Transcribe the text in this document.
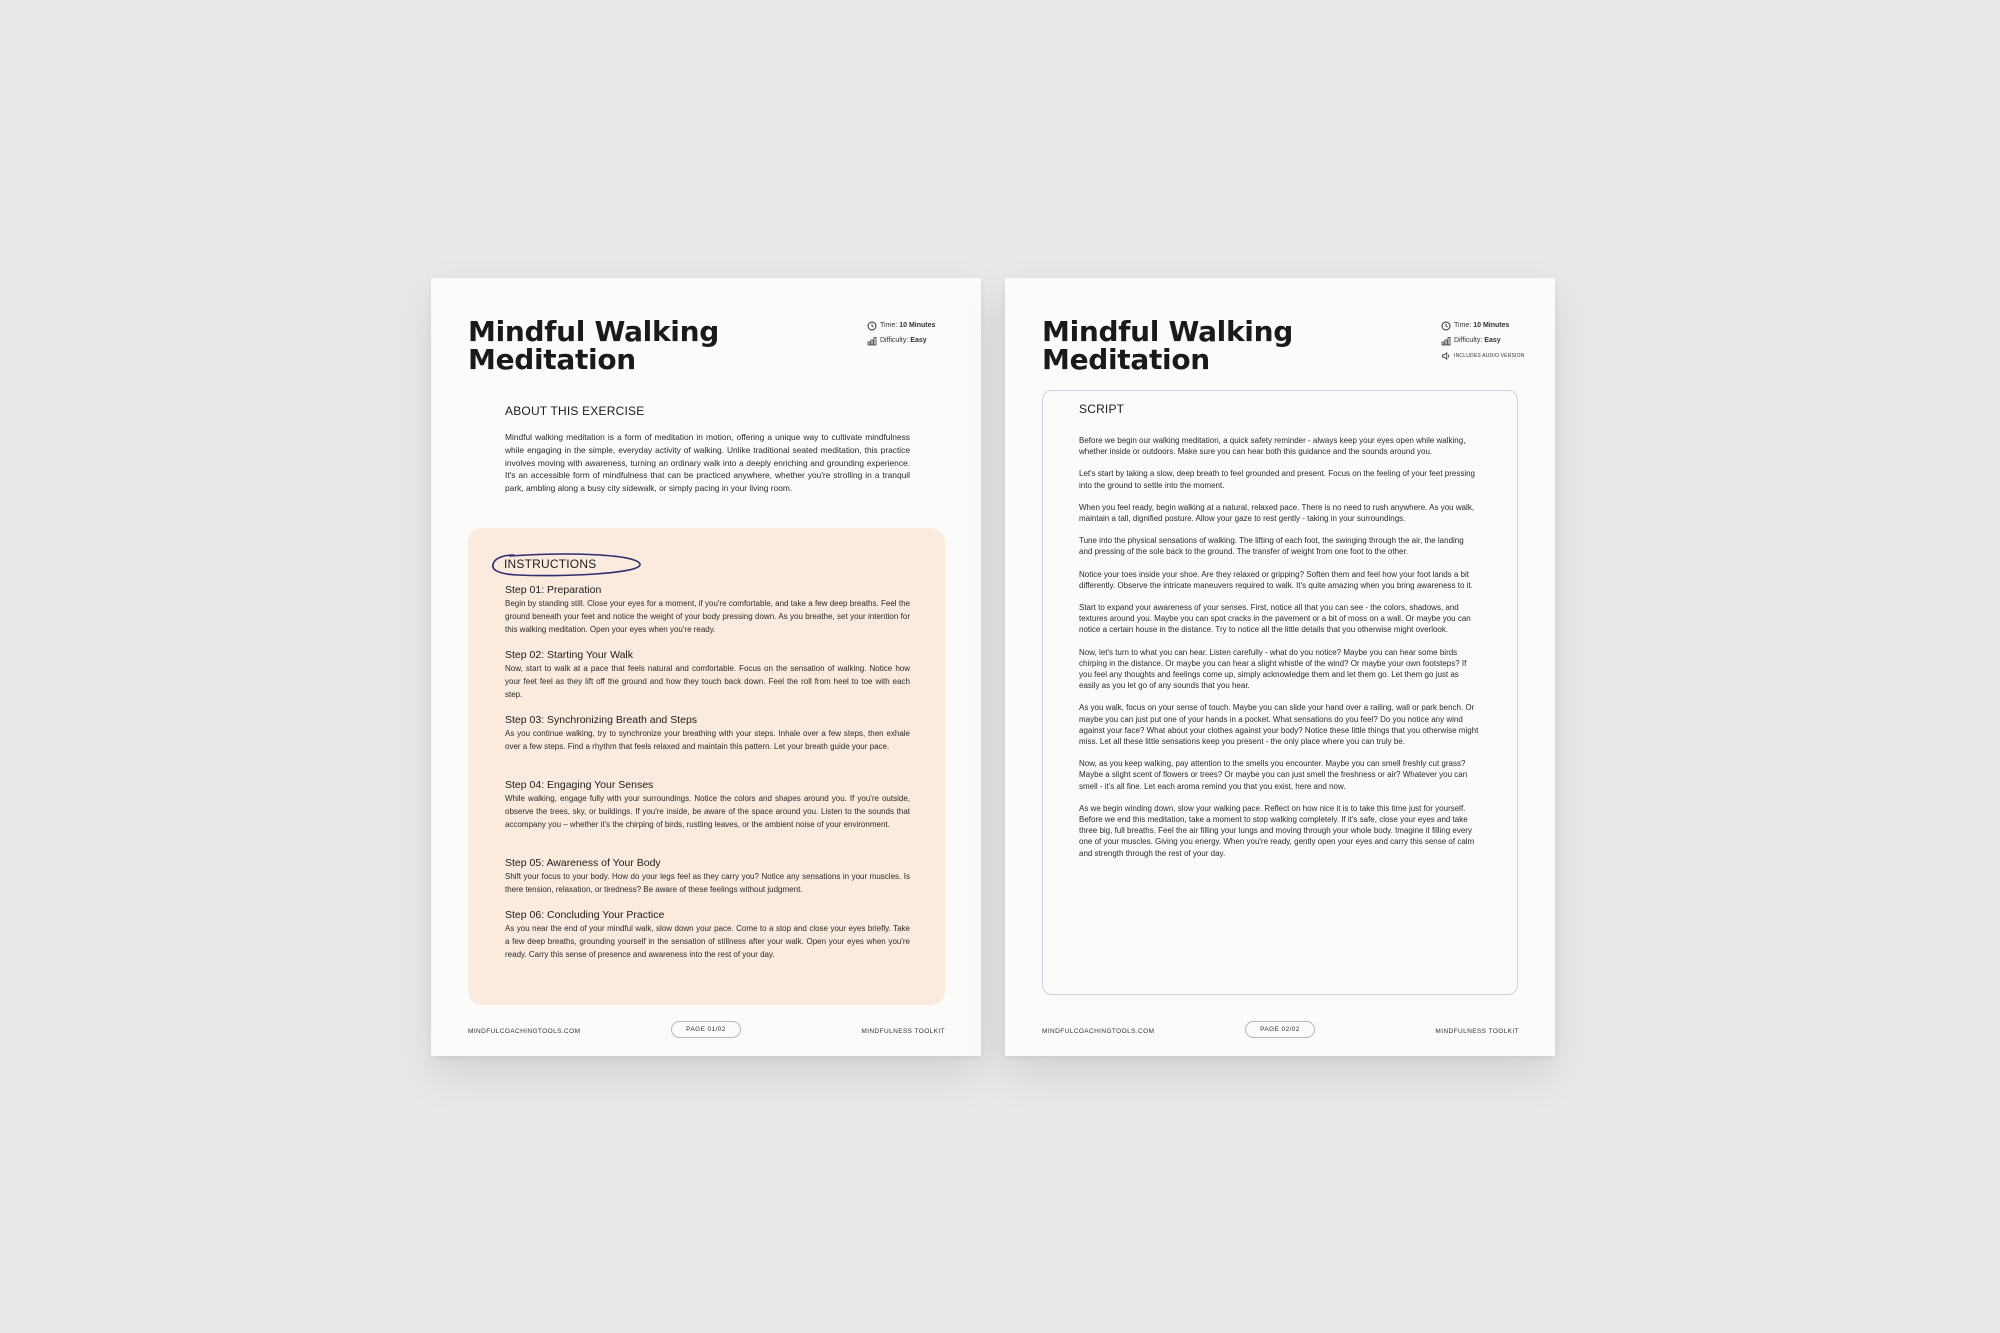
Mindful Walking
Meditation
Time: 10 Minutes
Difficulty: Easy
ABOUT THIS EXERCISE

Mindful walking meditation is a form of meditation in motion, offering a unique way to cultivate mindfulness while engaging in the simple, everyday activity of walking. Unlike traditional seated meditation, this practice involves moving with awareness, turning an ordinary walk into a deeply enriching and grounding experience. It's an accessible form of mindfulness that can be practiced anywhere, whether you're strolling in a tranquil park, ambling along a busy city sidewalk, or simply pacing in your living room.

INSTRUCTIONS
Step 01: Preparation

Begin by standing still. Close your eyes for a moment, if you're comfortable, and take a few deep breaths. Feel the ground beneath your feet and notice the weight of your body pressing down. As you breathe, set your intention for this walking meditation. Open your eyes when you're ready.

Step 02: Starting Your Walk

Now, start to walk at a pace that feels natural and comfortable. Focus on the sensation of walking. Notice how your feet feel as they lift off the ground and how they touch back down. Feel the roll from heel to toe with each step.

Step 03: Synchronizing Breath and Steps

As you continue walking, try to synchronize your breathing with your steps. Inhale over a few steps, then exhale over a few steps. Find a rhythm that feels relaxed and maintain this pattern. Let your breath guide your pace.

Step 04: Engaging Your Senses

While walking, engage fully with your surroundings. Notice the colors and shapes around you. If you're outside, observe the trees, sky, or buildings. If you're inside, be aware of the space around you. Listen to the sounds that accompany you – whether it's the chirping of birds, rustling leaves, or the ambient noise of your environment.

Step 05: Awareness of Your Body

Shift your focus to your body. How do your legs feel as they carry you? Notice any sensations in your muscles. Is there tension, relaxation, or tiredness? Be aware of these feelings without judgment.

Step 06: Concluding Your Practice

As you near the end of your mindful walk, slow down your pace. Come to a stop and close your eyes briefly. Take a few deep breaths, grounding yourself in the sensation of stillness after your walk. Open your eyes when you're ready. Carry this sense of presence and awareness into the rest of your day.

MINDFULCOACHINGTOOLS.COM	PAGE 01/02	MINDFULNESS TOOLKIT
Mindful Walking
Meditation
Time: 10 Minutes
Difficulty: Easy
INCLUDES AUDIO VERSION
SCRIPT

Before we begin our walking meditation, a quick safety reminder - always keep your eyes open while walking, whether inside or outdoors. Make sure you can hear both this guidance and the sounds around you.

Let's start by taking a slow, deep breath to feel grounded and present. Focus on the feeling of your feet pressing into the ground to settle into the moment.

When you feel ready, begin walking at a natural, relaxed pace. There is no need to rush anywhere. As you walk, maintain a tall, dignified posture. Allow your gaze to rest gently - taking in your surroundings.

Tune into the physical sensations of walking. The lifting of each foot, the swinging through the air, the landing and pressing of the sole back to the ground. The transfer of weight from one foot to the other.

Notice your toes inside your shoe. Are they relaxed or gripping? Soften them and feel how your foot lands a bit differently. Observe the intricate maneuvers required to walk. It's quite amazing when you bring awareness to it.

Start to expand your awareness of your senses. First, notice all that you can see - the colors, shadows, and textures around you. Maybe you can spot cracks in the pavement or a bit of moss on a wall. Or maybe you can notice a certain house in the distance. Try to notice all the little details that you otherwise might overlook.

Now, let's turn to what you can hear. Listen carefully - what do you notice? Maybe you can hear some birds chirping in the distance. Or maybe you can hear a slight whistle of the wind? Or maybe your own footsteps? If you feel any thoughts and feelings come up, simply acknowledge them and let them go. Let them go just as easily as you let go of any sounds that you hear.

As you walk, focus on your sense of touch. Maybe you can slide your hand over a railing, wall or park bench. Or maybe you can just put one of your hands in a pocket. What sensations do you feel? Do you notice any wind against your face? What about your clothes against your body? Notice these little things that you otherwise might miss. Let all these little sensations keep you present - the only place where you can truly be.

Now, as you keep walking, pay attention to the smells you encounter. Maybe you can smell freshly cut grass? Maybe a slight scent of flowers or trees? Or maybe you can just smell the freshness or air? Whatever you can smell - it's all fine. Let each aroma remind you that you exist, here and now.

As we begin winding down, slow your walking pace. Reflect on how nice it is to take this time just for yourself. Before we end this meditation, take a moment to stop walking completely. If it's safe, close your eyes and take three big, full breaths. Feel the air filling your lungs and moving through your whole body. Imagine it filling every one of your muscles. Giving you energy. When you're ready, gently open your eyes and carry this sense of calm and strength through the rest of your day.

MINDFULCOACHINGTOOLS.COM	PAGE 02/02	MINDFULNESS TOOLKIT
